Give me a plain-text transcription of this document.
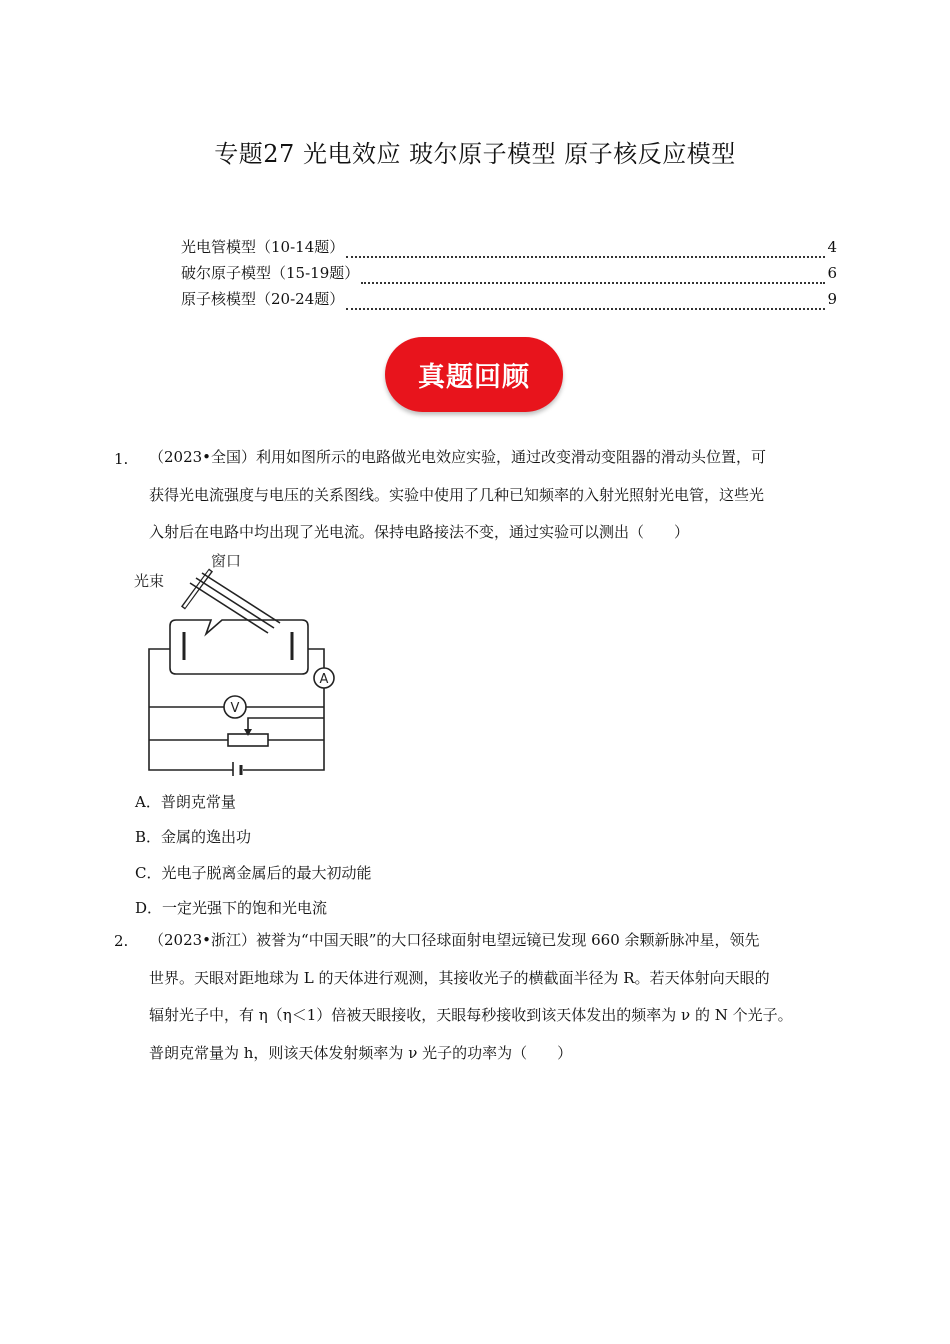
专题27 光电效应 玻尔原子模型 原子核反应模型
光电管模型（10-14题）	4
破尔原子模型（15-19题）	6
原子核模型（20-24题）	9
真题回顾
1. （2023•全国）利用如图所示的电路做光电效应实验，通过改变滑动变阻器的滑动头位置，可

获得光电流强度与电压的关系图线。实验中使用了几种已知频率的入射光照射光电管，这些光

入射后在电路中均出现了光电流。保持电路接法不变，通过实验可以测出（　　）

A
V
窗口
光束
A．普朗克常量
B．金属的逸出功
C．光电子脱离金属后的最大初动能
D．一定光强下的饱和光电流
2. （2023•浙江）被誉为“中国天眼”的大口径球面射电望远镜已发现 660 余颗新脉冲星，领先

世界。天眼对距地球为 L 的天体进行观测，其接收光子的横截面半径为 R。若天体射向天眼的

辐射光子中，有 η（η＜1）倍被天眼接收，天眼每秒接收到该天体发出的频率为 ν 的 N 个光子。

普朗克常量为 h，则该天体发射频率为 ν 光子的功率为（　　）
